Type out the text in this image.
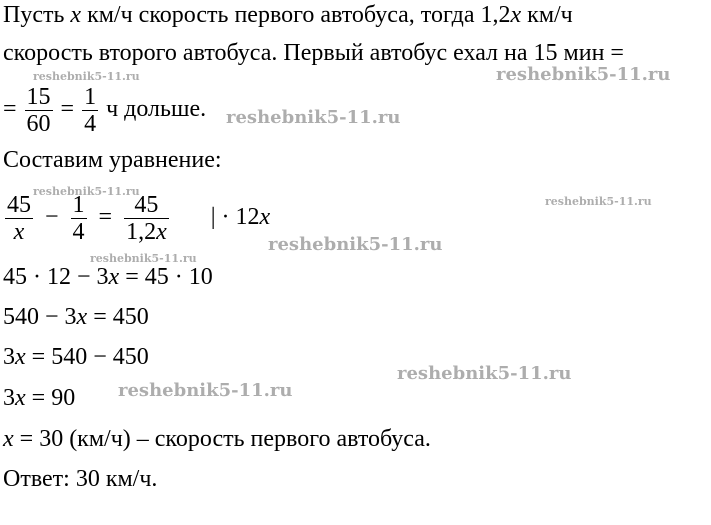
Пусть x км/ч скорость первого автобуса, тогда 1,2x км/ч
скорость второго автобуса. Первый автобус ехал на 15 мин =
= $\frac{15}{60} = \frac{1}{4}$ ч дольше.
Составим уравнение:
$\frac{45}{x} - \frac{1}{4} = \frac{45}{1,2x}$ | · 12x
45 · 12 − 3x = 45 · 10
540 − 3x = 450
3x = 540 − 450
3x = 90
x = 30 (км/ч) – скорость первого автобуса.
Ответ: 30 км/ч.
reshebnik5-11.ru
reshebnik5-11.ru
reshebnik5-11.ru
reshebnik5-11.ru
reshebnik5-11.ru
reshebnik5-11.ru
reshebnik5-11.ru
reshebnik5-11.ru
reshebnik5-11.ru
